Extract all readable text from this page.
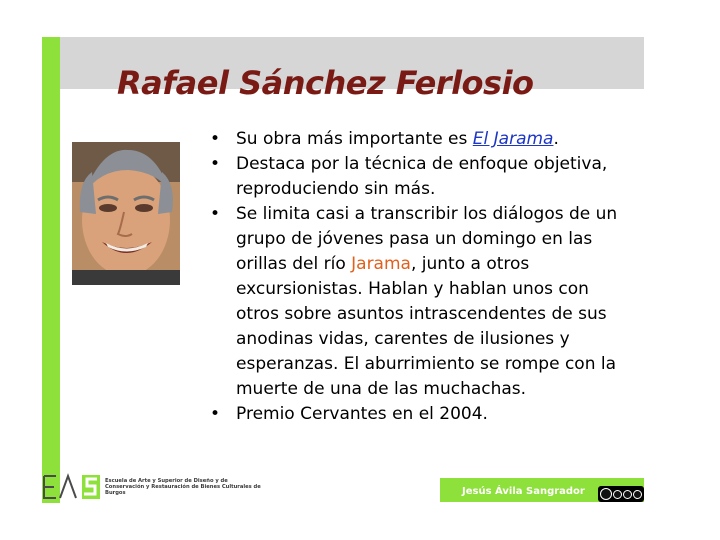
Rafael Sánchez Ferlosio
• Su obra más importante es El Jarama.
• Destaca por la técnica de enfoque objetiva, reproduciendo sin más.
• Se limita casi a transcribir los diálogos de un grupo de jóvenes pasa un domingo en las orillas del río Jarama, junto a otros excursionistas. Hablan y hablan unos con otros sobre asuntos intrascendentes de sus anodinas vidas, carentes de ilusiones y esperanzas. El aburrimiento se rompe con la muerte de una de las muchachas.
• Premio Cervantes en el 2004.
Escuela de Arte y Superior de Diseño y de Conservación y Restauración de Bienes Culturales de Burgos	Jesús Ávila Sangrador
